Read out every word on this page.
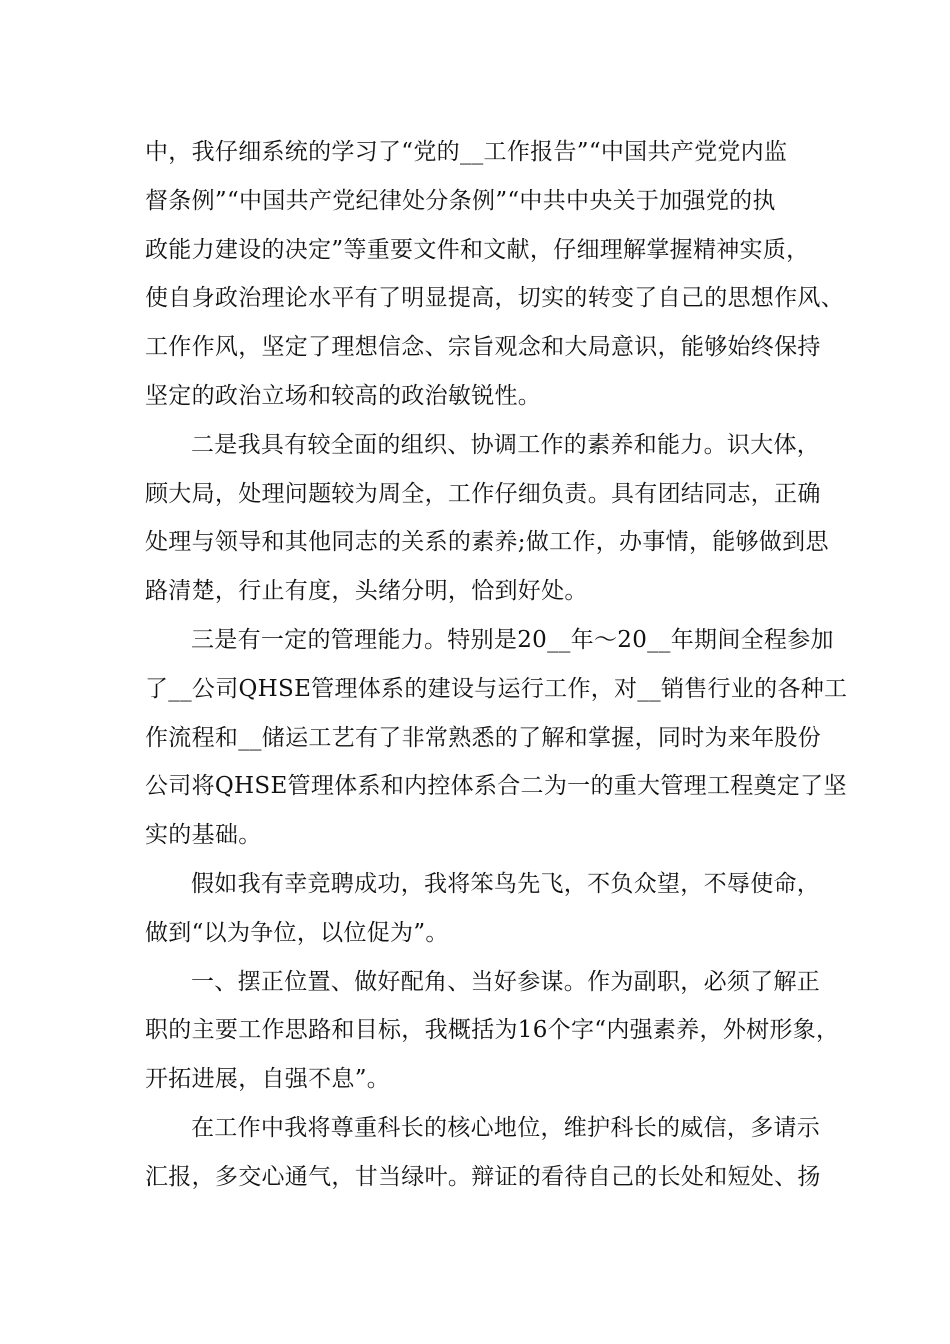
中，我仔细系统的学习了“党的__工作报告”“中国共产党党内监
督条例”“中国共产党纪律处分条例”“中共中央关于加强党的执
政能力建设的决定”等重要文件和文献，仔细理解掌握精神实质，
使自身政治理论水平有了明显提高，切实的转变了自己的思想作风、
工作作风，坚定了理想信念、宗旨观念和大局意识，能够始终保持
坚定的政治立场和较高的政治敏锐性。
二是我具有较全面的组织、协调工作的素养和能力。识大体，
顾大局，处理问题较为周全，工作仔细负责。具有团结同志，正确
处理与领导和其他同志的关系的素养;做工作，办事情，能够做到思
路清楚，行止有度，头绪分明，恰到好处。
三是有一定的管理能力。特别是20__年～20__年期间全程参加
了__公司QHSE管理体系的建设与运行工作，对__销售行业的各种工
作流程和__储运工艺有了非常熟悉的了解和掌握，同时为来年股份
公司将QHSE管理体系和内控体系合二为一的重大管理工程奠定了坚
实的基础。
假如我有幸竞聘成功，我将笨鸟先飞，不负众望，不辱使命，
做到“以为争位，以位促为”。
一、摆正位置、做好配角、当好参谋。作为副职，必须了解正
职的主要工作思路和目标，我概括为16个字“内强素养，外树形象，
开拓进展，自强不息”。
在工作中我将尊重科长的核心地位，维护科长的威信，多请示
汇报，多交心通气，甘当绿叶。辩证的看待自己的长处和短处、扬
